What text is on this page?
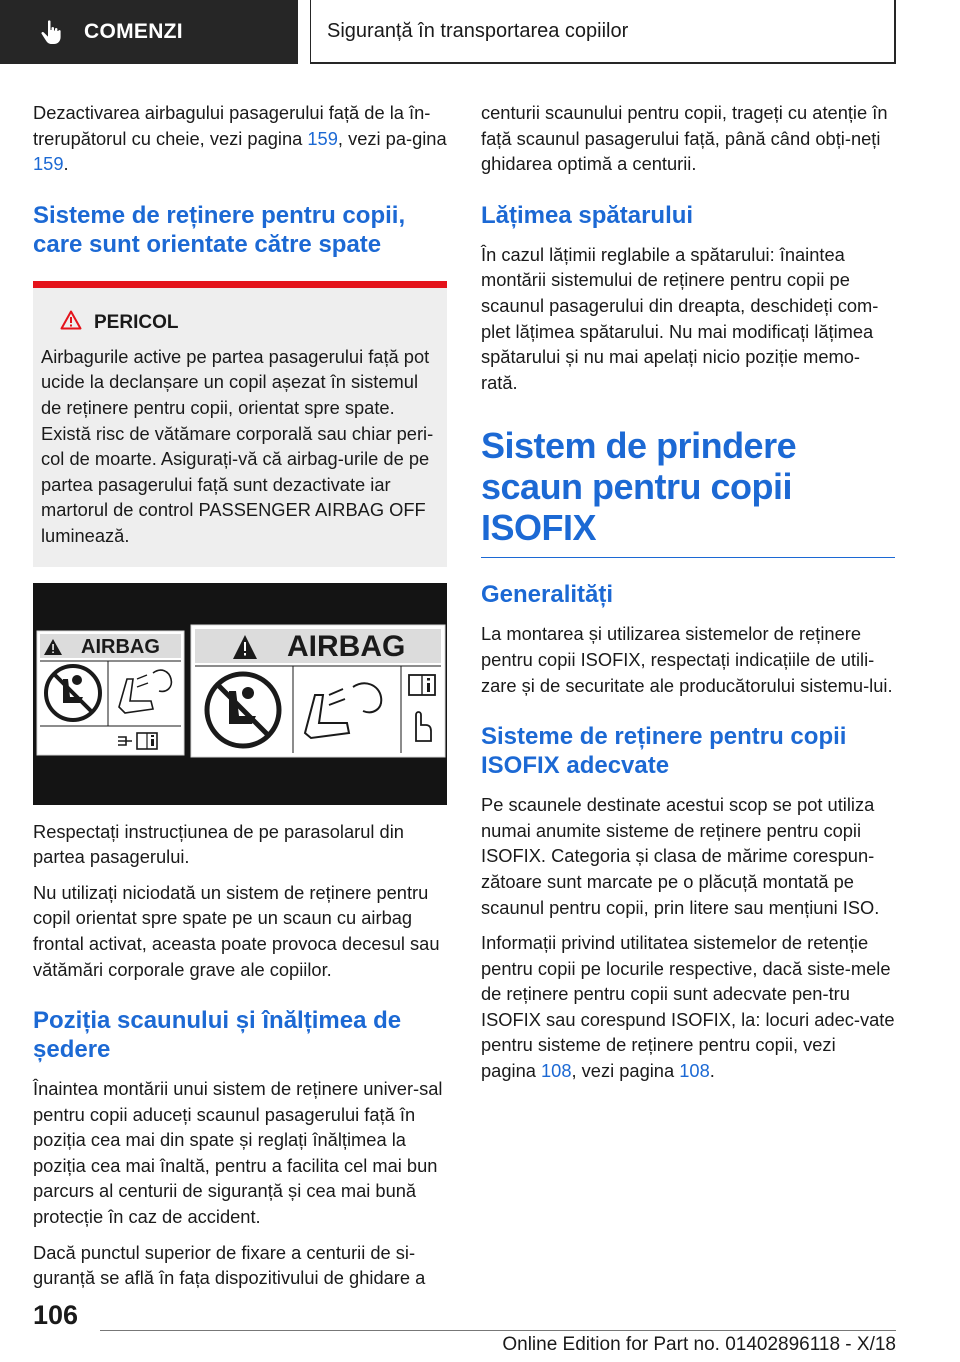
COMENZI	Siguranță în transportarea copiilor

Dezactivarea airbagului pasagerului față de la în-trerupătorul cu cheie, vezi pagina 159, vezi pa-gina 159.

Sisteme de reținere pentru copii, care sunt orientate către spate
PERICOL

Airbagurile active pe partea pasagerului față pot ucide la declanșare un copil așezat în sistemul de reținere pentru copii, orientat spre spate. Există risc de vătămare corporală sau chiar peri-col de moarte. Asigurați-vă că airbag-urile de pe partea pasagerului față sunt dezactivate iar martorul de control PASSENGER AIRBAG OFF luminează.

AIRBAG	AIRBAG

Respectați instrucțiunea de pe parasolarul din partea pasagerului.

Nu utilizați niciodată un sistem de reținere pentru copil orientat spre spate pe un scaun cu airbag frontal activat, aceasta poate provoca decesul sau vătămări corporale grave ale copiilor.

Poziția scaunului și înălțimea de ședere

Înaintea montării unui sistem de reținere univer-sal pentru copii aduceți scaunul pasagerului față în poziția cea mai din spate și reglați înălțimea la poziția cea mai înaltă, pentru a facilita cel mai bun parcurs al centurii de siguranță și cea mai bună protecție în caz de accident.

Dacă punctul superior de fixare a centurii de si-guranță se află în fața dispozitivului de ghidare a

centurii scaunului pentru copii, trageți cu atenție în față scaunul pasagerului față, până când obți-neți ghidarea optimă a centurii.

Lățimea spătarului

În cazul lățimii reglabile a spătarului: înaintea montării sistemului de reținere pentru copii pe scaunul pasagerului din dreapta, deschideți com-plet lățimea spătarului. Nu mai modificați lățimea spătarului și nu mai apelați nicio poziție memo-rată.

Sistem de prindere scaun pentru copii ISOFIX
Generalități

La montarea și utilizarea sistemelor de reținere pentru copii ISOFIX, respectați indicațiile de utili-zare și de securitate ale producătorului sistemu-lui.

Sisteme de reținere pentru copii ISOFIX adecvate

Pe scaunele destinate acestui scop se pot utiliza numai anumite sisteme de reținere pentru copii ISOFIX. Categoria și clasa de mărime corespun-zătoare sunt marcate pe o plăcuță montată pe scaunul pentru copii, prin litere sau mențiuni ISO.

Informații privind utilitatea sistemelor de retenție pentru copii pe locurile respective, dacă siste-mele de reținere pentru copii sunt adecvate pen-tru ISOFIX sau corespund ISOFIX, la: locuri adec-vate pentru sisteme de reținere pentru copii, vezi pagina 108, vezi pagina 108.

106
Online Edition for Part no. 01402896118 - X/18
